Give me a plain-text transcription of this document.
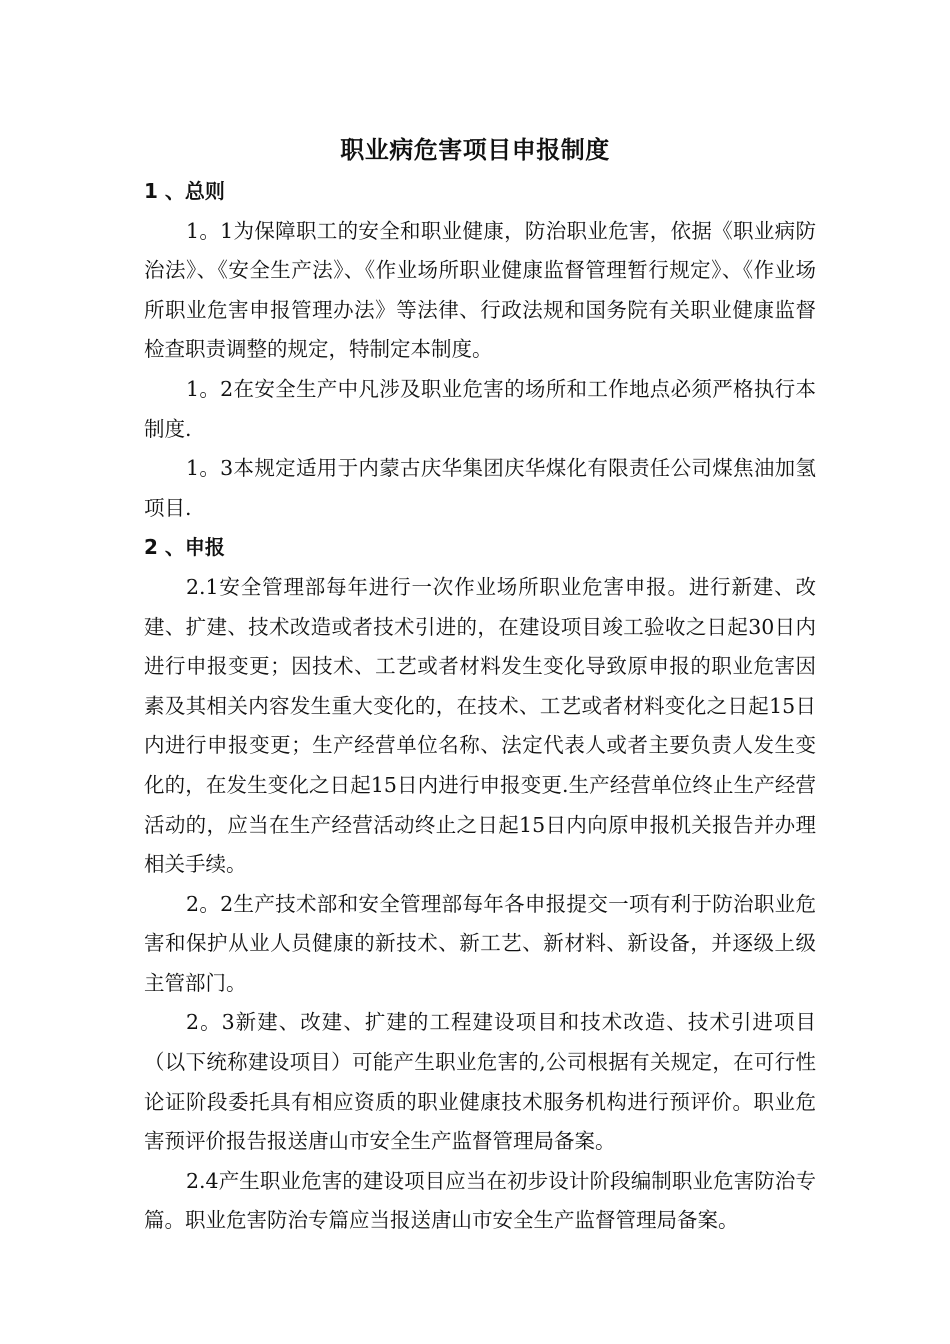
职业病危害项目申报制度

1 、总则

1。1为保障职工的安全和职业健康，防治职业危害，依据《职业病防治法》、《安全生产法》、《作业场所职业健康监督管理暂行规定》、《作业场所职业危害申报管理办法》等法律、行政法规和国务院有关职业健康监督检查职责调整的规定，特制定本制度。

1。2在安全生产中凡涉及职业危害的场所和工作地点必须严格执行本制度.

1。3本规定适用于内蒙古庆华集团庆华煤化有限责任公司煤焦油加氢项目.

2 、申报

2.1安全管理部每年进行一次作业场所职业危害申报。进行新建、改建、扩建、技术改造或者技术引进的，在建设项目竣工验收之日起30日内进行申报变更；因技术、工艺或者材料发生变化导致原申报的职业危害因素及其相关内容发生重大变化的，在技术、工艺或者材料变化之日起15日内进行申报变更；生产经营单位名称、法定代表人或者主要负责人发生变化的，在发生变化之日起15日内进行申报变更.生产经营单位终止生产经营活动的，应当在生产经营活动终止之日起15日内向原申报机关报告并办理相关手续。

2。2生产技术部和安全管理部每年各申报提交一项有利于防治职业危害和保护从业人员健康的新技术、新工艺、新材料、新设备，并逐级上级主管部门。

2。3新建、改建、扩建的工程建设项目和技术改造、技术引进项目（以下统称建设项目）可能产生职业危害的,公司根据有关规定，在可行性论证阶段委托具有相应资质的职业健康技术服务机构进行预评价。职业危害预评价报告报送唐山市安全生产监督管理局备案。

2.4产生职业危害的建设项目应当在初步设计阶段编制职业危害防治专篇。职业危害防治专篇应当报送唐山市安全生产监督管理局备案。
